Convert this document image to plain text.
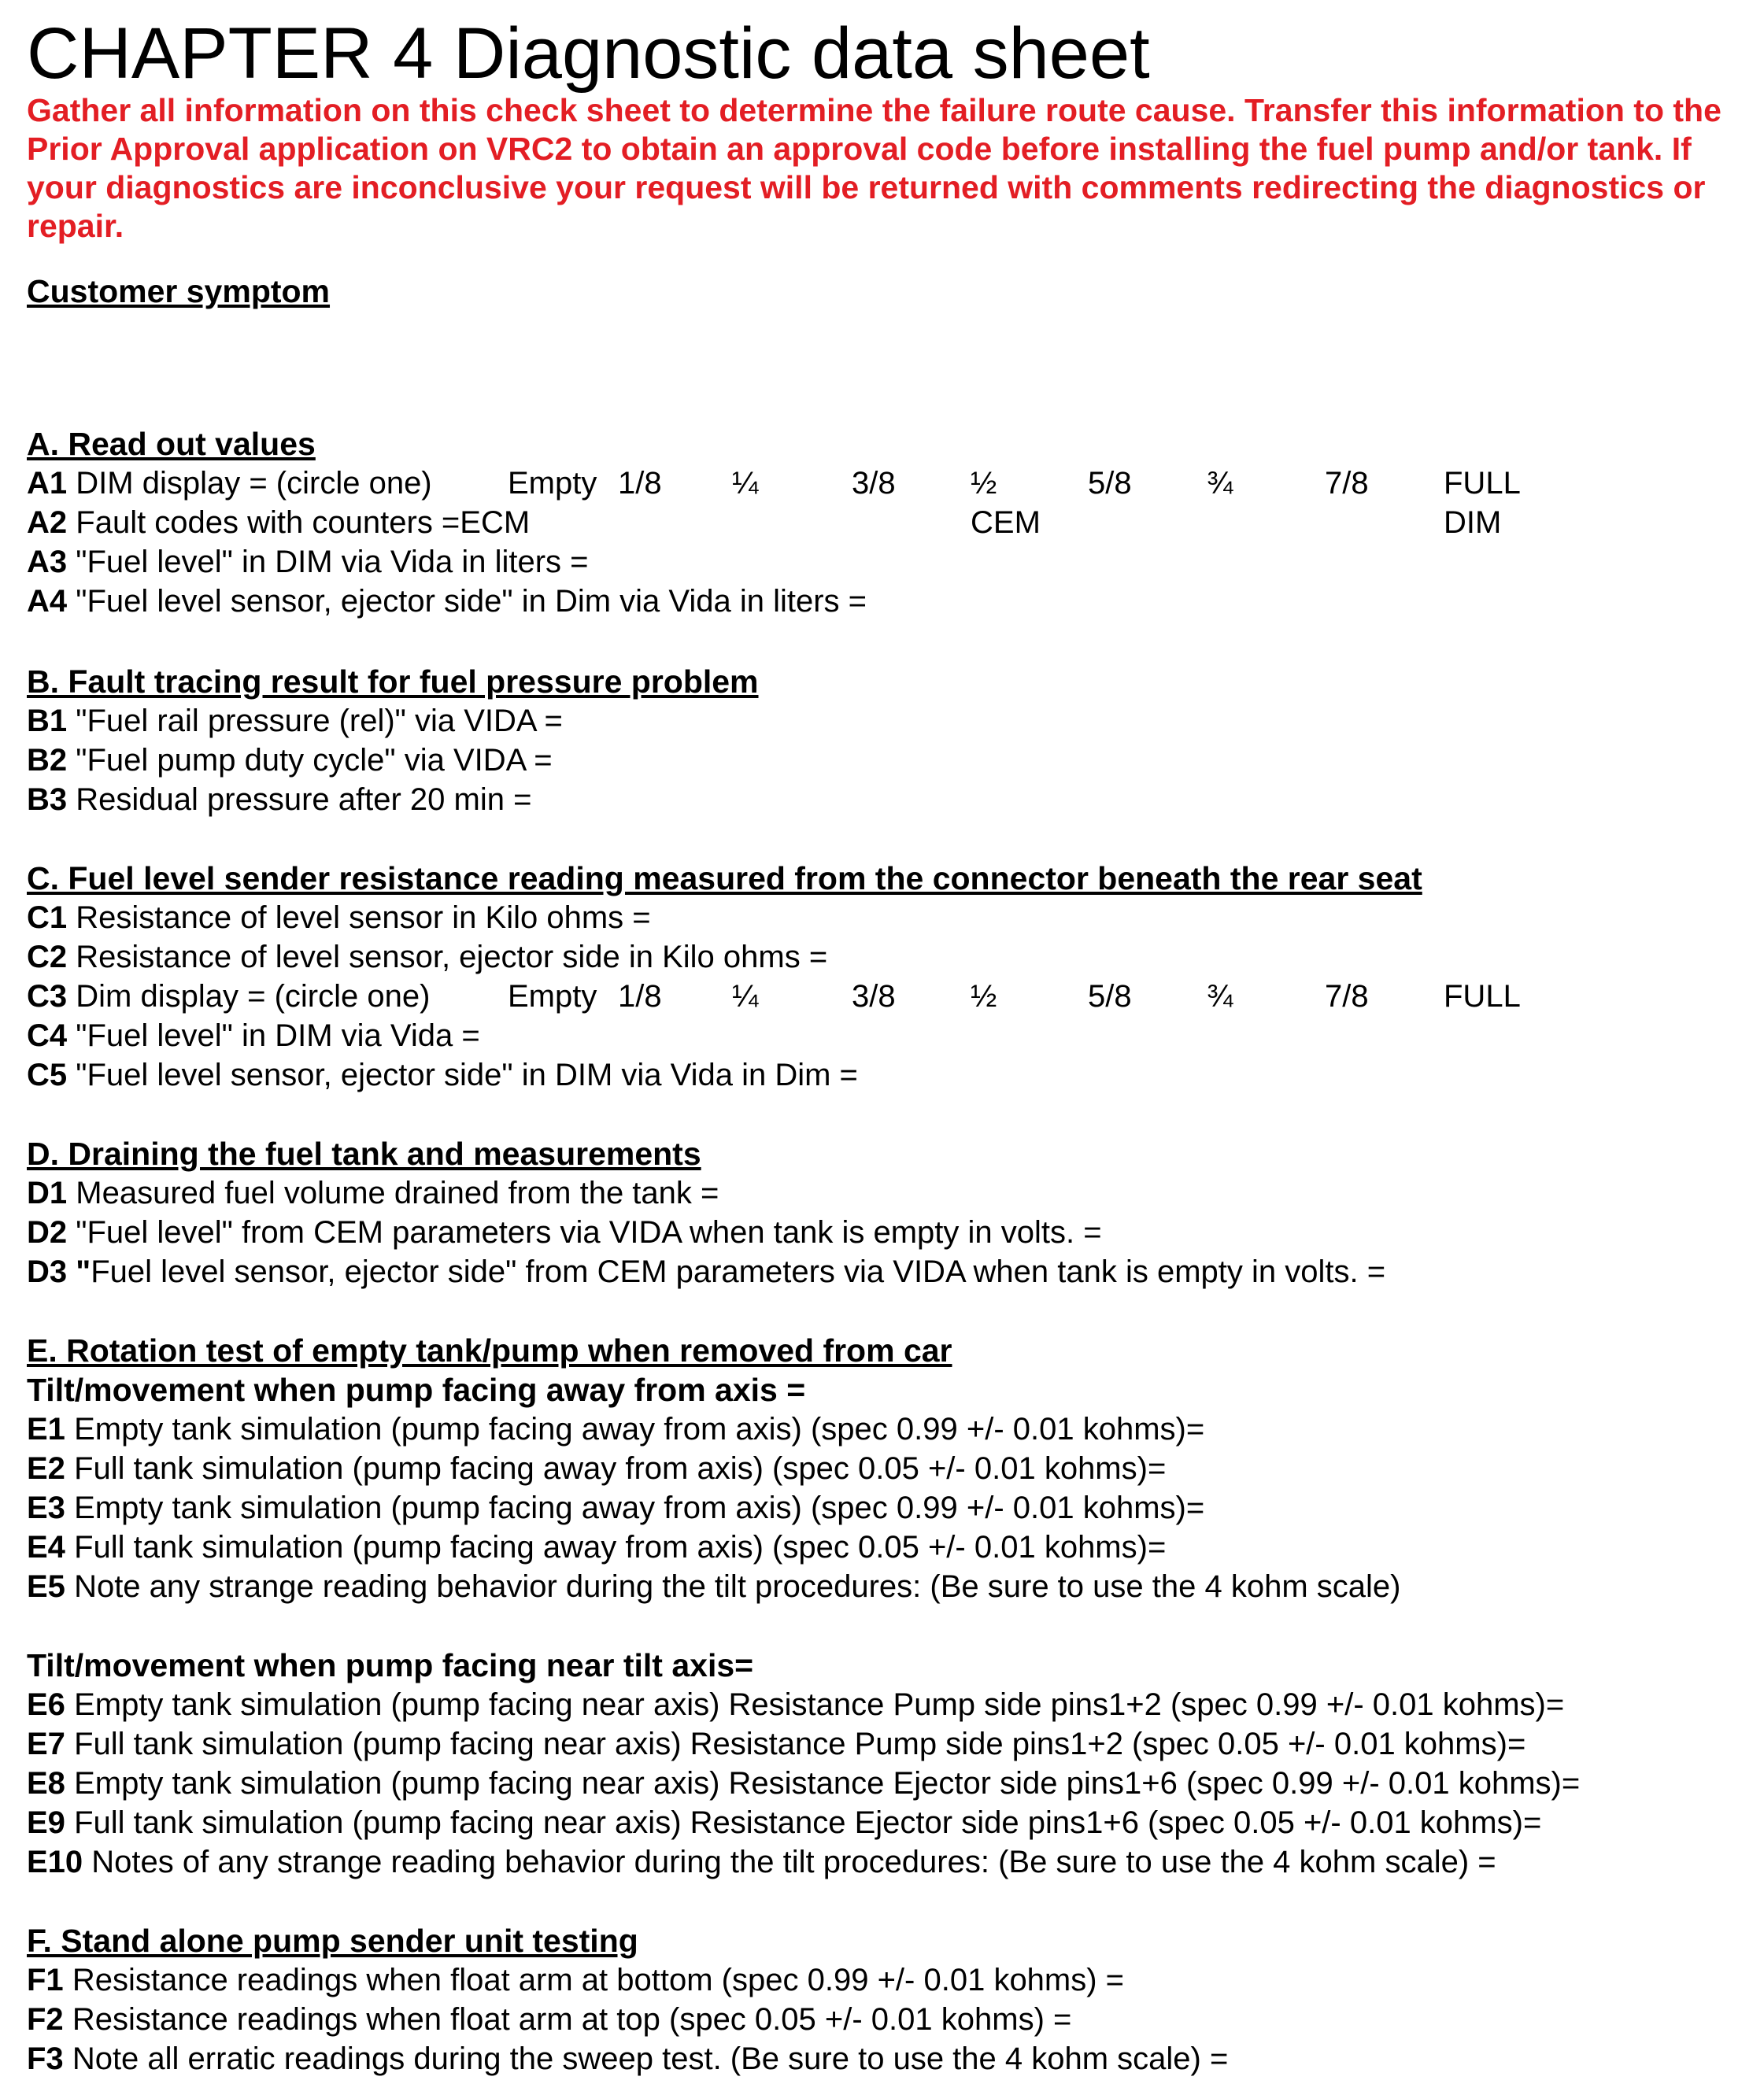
CHAPTER 4 Diagnostic data sheet
Gather all information on this check sheet to determine the failure route cause. Transfer this information to the Prior Approval application on VRC2 to obtain an approval code before installing the fuel pump and/or tank. If your diagnostics are inconclusive your request will be returned with comments redirecting the diagnostics or repair.
Customer symptom
A. Read out values
A1 DIM display = (circle one) Empty 1/8 ¼	3/8 ½	5/8 ¾	7/8 FULL
A2 Fault codes with counters =ECM	CEM	DIM
A3 "Fuel level" in DIM via Vida in liters =
A4 "Fuel level sensor, ejector side" in Dim via Vida in liters =
B. Fault tracing result for fuel pressure problem
B1 "Fuel rail pressure (rel)" via VIDA =
B2 "Fuel pump duty cycle" via VIDA =
B3 Residual pressure after 20 min =
C. Fuel level sender resistance reading measured from the connector beneath the rear seat
C1 Resistance of level sensor in Kilo ohms =
C2 Resistance of level sensor, ejector side in Kilo ohms =
C3 Dim display = (circle one) Empty 1/8 ¼	3/8 ½	5/8 ¾	7/8 FULL
C4 "Fuel level" in DIM via Vida =
C5 "Fuel level sensor, ejector side" in DIM via Vida in Dim =
D. Draining the fuel tank and measurements
D1 Measured fuel volume drained from the tank =
D2 "Fuel level" from CEM parameters via VIDA when tank is empty in volts. =
D3 "Fuel level sensor, ejector side" from CEM parameters via VIDA when tank is empty in volts. =
E. Rotation test of empty tank/pump when removed from car
Tilt/movement when pump facing away from axis =
E1 Empty tank simulation (pump facing away from axis) (spec 0.99 +/- 0.01 kohms)=
E2 Full tank simulation (pump facing away from axis) (spec 0.05 +/- 0.01 kohms)=
E3 Empty tank simulation (pump facing away from axis) (spec 0.99 +/- 0.01 kohms)=
E4 Full tank simulation (pump facing away from axis) (spec 0.05 +/- 0.01 kohms)=
E5 Note any strange reading behavior during the tilt procedures: (Be sure to use the 4 kohm scale)
Tilt/movement when pump facing near tilt axis=
E6 Empty tank simulation (pump facing near axis) Resistance Pump side pins1+2 (spec 0.99 +/- 0.01 kohms)=
E7 Full tank simulation (pump facing near axis) Resistance Pump side pins1+2 (spec 0.05 +/- 0.01 kohms)=
E8 Empty tank simulation (pump facing near axis) Resistance Ejector side pins1+6 (spec 0.99 +/- 0.01 kohms)=
E9 Full tank simulation (pump facing near axis) Resistance Ejector side pins1+6 (spec 0.05 +/- 0.01 kohms)=
E10 Notes of any strange reading behavior during the tilt procedures: (Be sure to use the 4 kohm scale) =
F. Stand alone pump sender unit testing
F1 Resistance readings when float arm at bottom (spec 0.99 +/- 0.01 kohms) =
F2 Resistance readings when float arm at top (spec 0.05 +/- 0.01 kohms) =
F3 Note all erratic readings during the sweep test. (Be sure to use the 4 kohm scale) =
